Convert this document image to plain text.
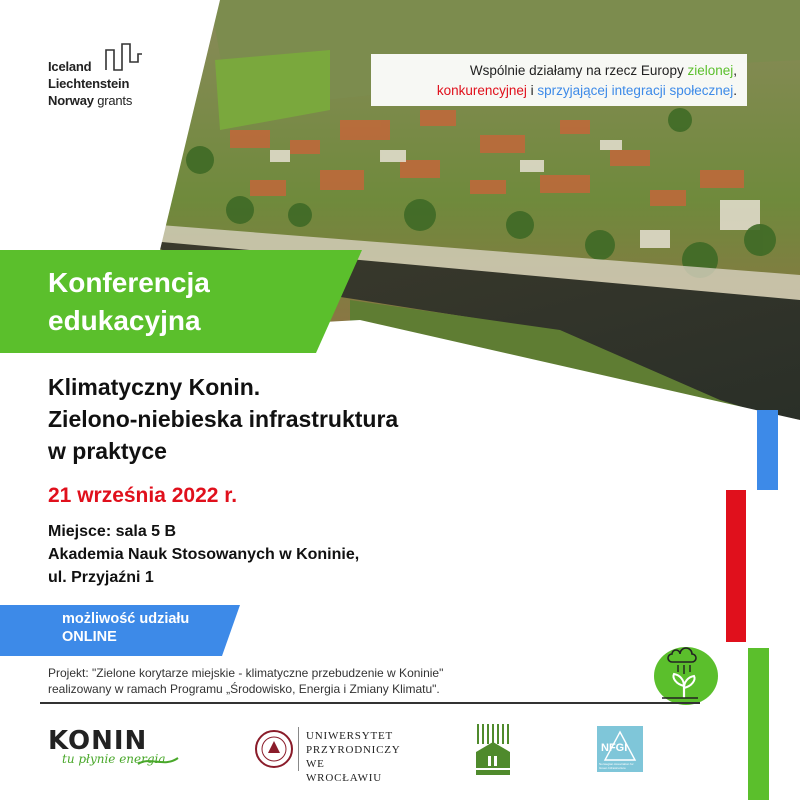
Iceland
Liechtenstein
Norway grants
Wspólnie działamy na rzecz Europy zielonej,
konkurencyjnej i sprzyjającej integracji społecznej.
Konferencja
edukacyjna
Klimatyczny Konin.
Zielono-niebieska infrastruktura
w praktyce
21 września 2022 r.
Miejsce: sala 5 B
Akademia Nauk Stosowanych w Koninie,
ul. Przyjaźni 1
możliwość udziału
ONLINE
Projekt: "Zielone korytarze miejskie - klimatyczne przebudzenie w Koninie"
realizowany w ramach Programu „Środowisko, Energia i Zmiany Klimatu".
KONIN
tu płynie energia
UNIWERSYTET
PRZYRODNICZY
WE WROCŁAWIU
NFGI
Norwegian Association for Green Infrastructure
